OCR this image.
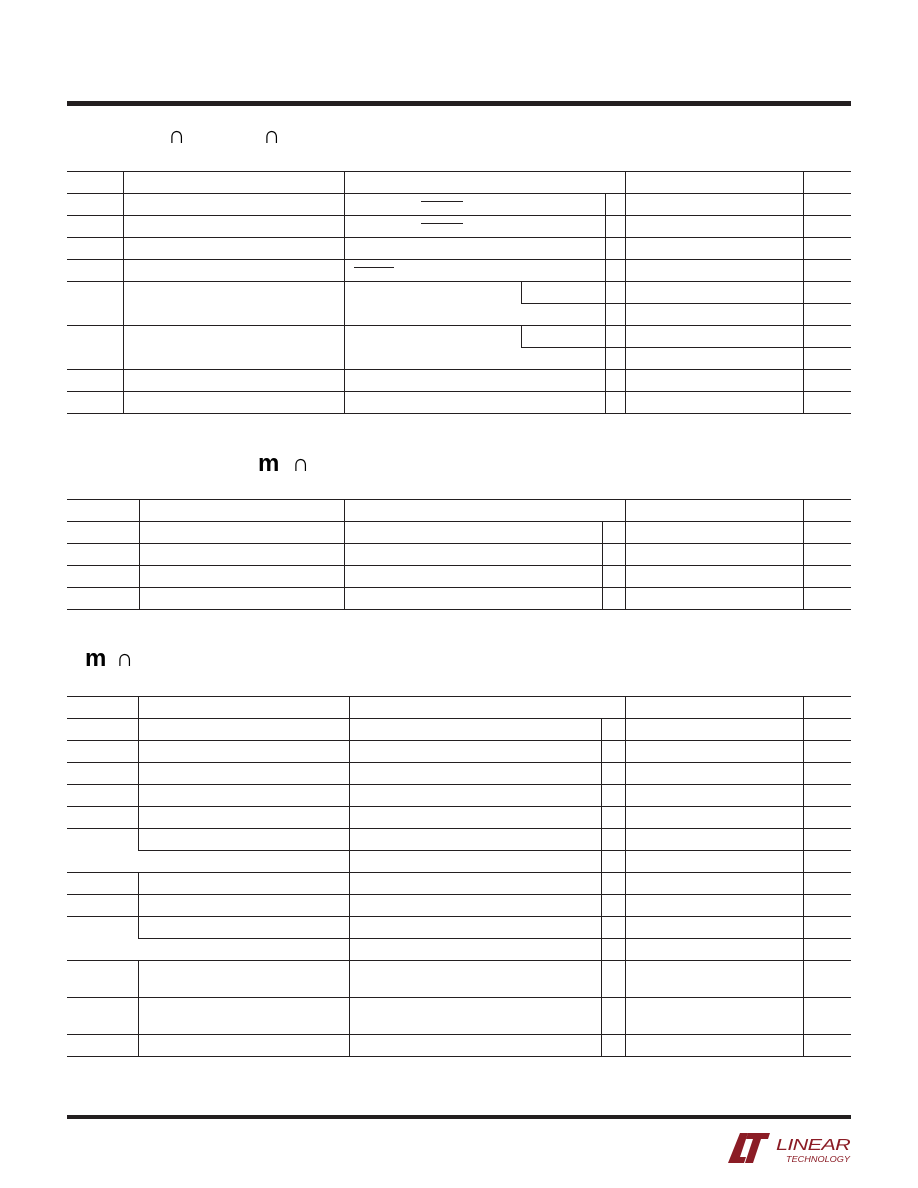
∩	∩

m ∩

m ∩

LINEAR
TECHNOLOGY
